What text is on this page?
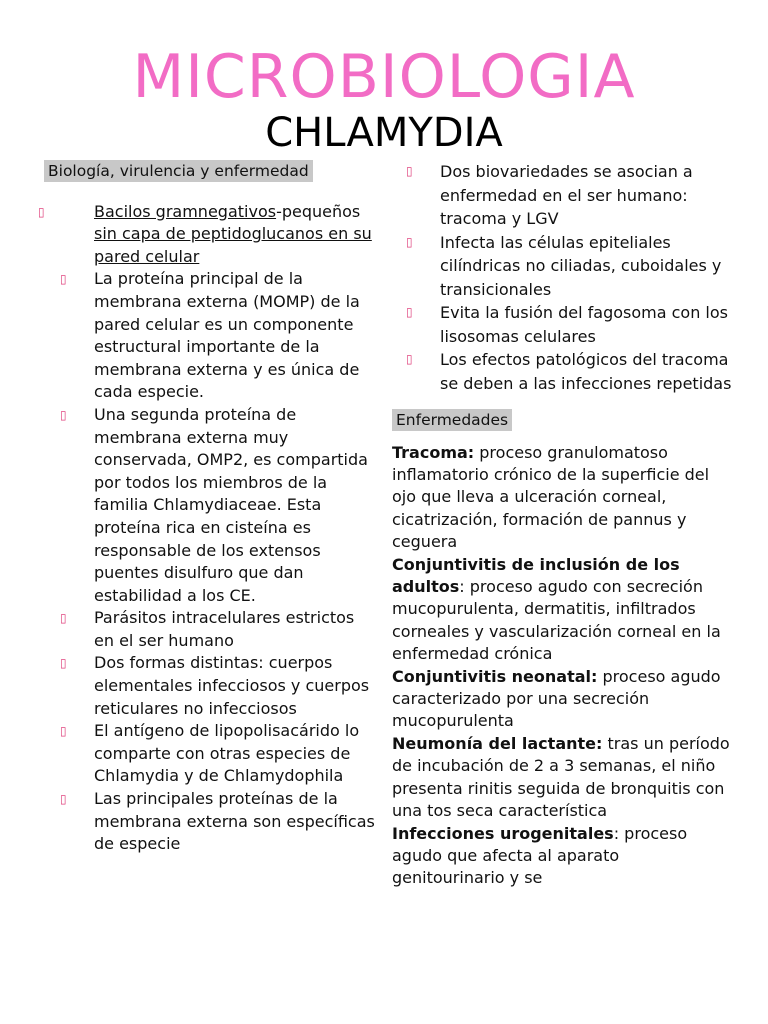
MICROBIOLOGIA
CHLAMYDIA
Biología, virulencia y enfermedad
▯	Bacilos gramnegativos-pequeños sin capa de peptidoglucanos en su pared celular
▯ La proteína principal de la membrana externa (MOMP) de la pared celular es un componente estructural importante de la membrana externa y es única de cada especie.
▯ Una segunda proteína de membrana externa muy conservada, OMP2, es compartida por todos los miembros de la familia Chlamydiaceae. Esta proteína rica en cisteína es responsable de los extensos puentes disulfuro que dan estabilidad a los CE.
▯ Parásitos intracelulares estrictos en el ser humano
▯ Dos formas distintas: cuerpos elementales infecciosos y cuerpos reticulares no infecciosos
▯ El antígeno de lipopolisacárido lo comparte con otras especies de Chlamydia y de Chlamydophila
▯ Las principales proteínas de la membrana externa son específicas de especie
▯ Dos biovariedades se asocian a enfermedad en el ser humano: tracoma y LGV
▯ Infecta las células epiteliales cilíndricas no ciliadas, cuboidales y transicionales
▯ Evita la fusión del fagosoma con los lisosomas celulares
▯ Los efectos patológicos del tracoma se deben a las infecciones repetidas
Enfermedades
Tracoma: proceso granulomatoso inflamatorio crónico de la superficie del ojo que lleva a ulceración corneal, cicatrización, formación de pannus y ceguera
Conjuntivitis de inclusión de los adultos: proceso agudo con secreción mucopurulenta, dermatitis, infiltrados corneales y vascularización corneal en la enfermedad crónica
Conjuntivitis neonatal: proceso agudo caracterizado por una secreción mucopurulenta
Neumonía del lactante: tras un período de incubación de 2 a 3 semanas, el niño presenta rinitis seguida de bronquitis con una tos seca característica
Infecciones urogenitales: proceso agudo que afecta al aparato genitourinario y se
